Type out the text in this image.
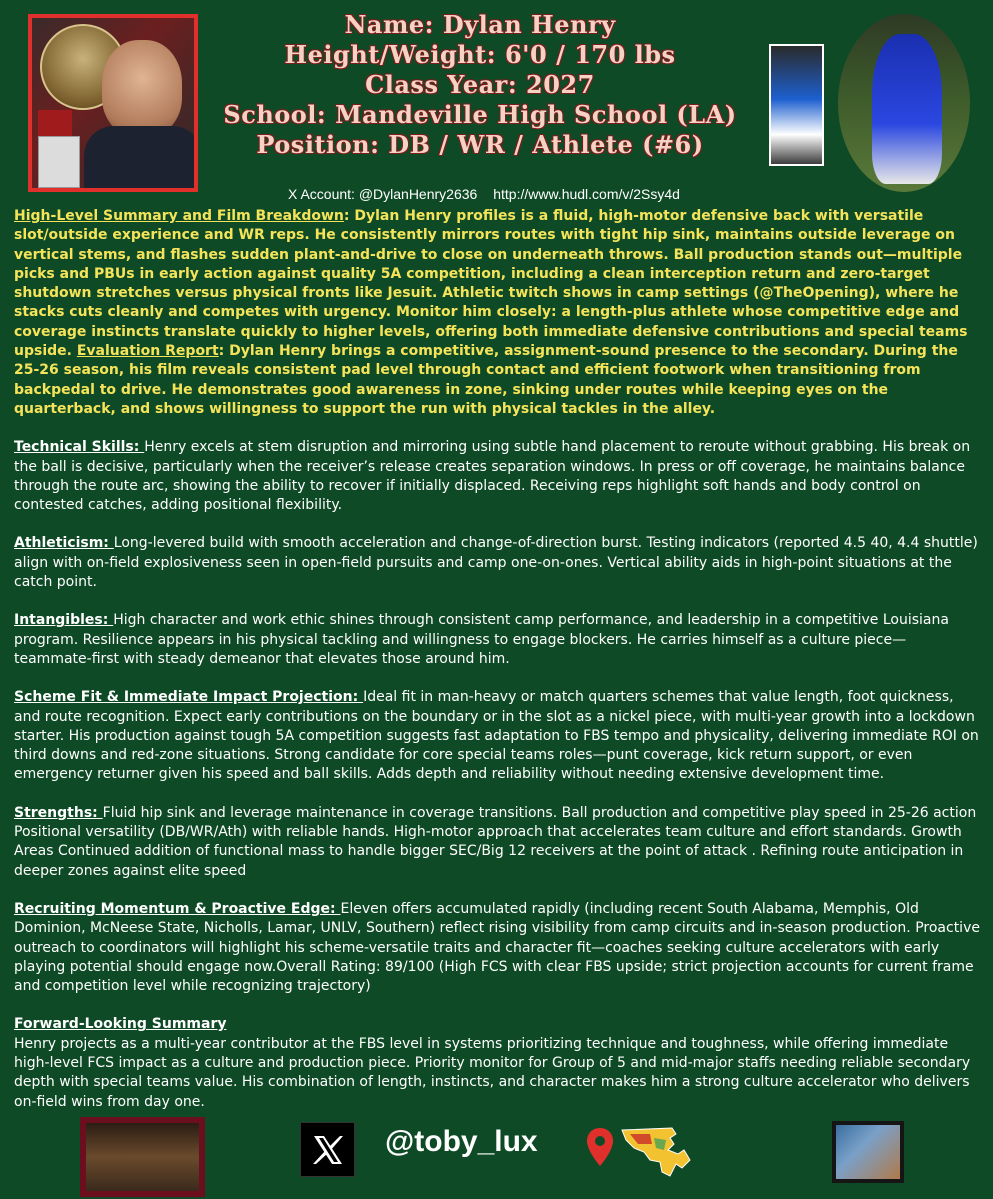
Name: Dylan Henry
Height/Weight: 6'0 / 170 lbs
Class Year: 2027
School: Mandeville High School (LA)
Position: DB / WR / Athlete (#6)
X Account: @DylanHenry2636 http://www.hudl.com/v/2Ssy4d

High-Level Summary and Film Breakdown: Dylan Henry profiles is a fluid, high-motor defensive back with versatile slot/outside experience and WR reps. He consistently mirrors routes with tight hip sink, maintains outside leverage on vertical stems, and flashes sudden plant-and-drive to close on underneath throws. Ball production stands out—multiple picks and PBUs in early action against quality 5A competition, including a clean interception return and zero-target shutdown stretches versus physical fronts like Jesuit. Athletic twitch shows in camp settings (@TheOpening), where he stacks cuts cleanly and competes with urgency. Monitor him closely: a length-plus athlete whose competitive edge and coverage instincts translate quickly to higher levels, offering both immediate defensive contributions and special teams upside. Evaluation Report: Dylan Henry brings a competitive, assignment-sound presence to the secondary. During the 25-26 season, his film reveals consistent pad level through contact and efficient footwork when transitioning from backpedal to drive. He demonstrates good awareness in zone, sinking under routes while keeping eyes on the quarterback, and shows willingness to support the run with physical tackles in the alley.

Technical Skills: Henry excels at stem disruption and mirroring using subtle hand placement to reroute without grabbing. His break on the ball is decisive, particularly when the receiver’s release creates separation windows. In press or off coverage, he maintains balance through the route arc, showing the ability to recover if initially displaced. Receiving reps highlight soft hands and body control on contested catches, adding positional flexibility.

Athleticism: Long-levered build with smooth acceleration and change-of-direction burst. Testing indicators (reported 4.5 40, 4.4 shuttle) align with on-field explosiveness seen in open-field pursuits and camp one-on-ones. Vertical ability aids in high-point situations at the catch point.

Intangibles: High character and work ethic shines through consistent camp performance, and leadership in a competitive Louisiana program. Resilience appears in his physical tackling and willingness to engage blockers. He carries himself as a culture piece—teammate-first with steady demeanor that elevates those around him.

Scheme Fit & Immediate Impact Projection: Ideal fit in man-heavy or match quarters schemes that value length, foot quickness, and route recognition. Expect early contributions on the boundary or in the slot as a nickel piece, with multi-year growth into a lockdown starter. His production against tough 5A competition suggests fast adaptation to FBS tempo and physicality, delivering immediate ROI on third downs and red-zone situations. Strong candidate for core special teams roles—punt coverage, kick return support, or even emergency returner given his speed and ball skills. Adds depth and reliability without needing extensive development time.

Strengths: Fluid hip sink and leverage maintenance in coverage transitions. Ball production and competitive play speed in 25-26 action Positional versatility (DB/WR/Ath) with reliable hands. High-motor approach that accelerates team culture and effort standards. Growth Areas Continued addition of functional mass to handle bigger SEC/Big 12 receivers at the point of attack . Refining route anticipation in deeper zones against elite speed

Recruiting Momentum & Proactive Edge: Eleven offers accumulated rapidly (including recent South Alabama, Memphis, Old Dominion, McNeese State, Nicholls, Lamar, UNLV, Southern) reflect rising visibility from camp circuits and in-season production. Proactive outreach to coordinators will highlight his scheme-versatile traits and character fit—coaches seeking culture accelerators with early playing potential should engage now.Overall Rating: 89/100 (High FCS with clear FBS upside; strict projection accounts for current frame and competition level while recognizing trajectory)

Forward-Looking Summary
Henry projects as a multi-year contributor at the FBS level in systems prioritizing technique and toughness, while offering immediate high-level FCS impact as a culture and production piece. Priority monitor for Group of 5 and mid-major staffs needing reliable secondary depth with special teams value. His combination of length, instincts, and character makes him a strong culture accelerator who delivers on-field wins from day one.

@toby_lux
